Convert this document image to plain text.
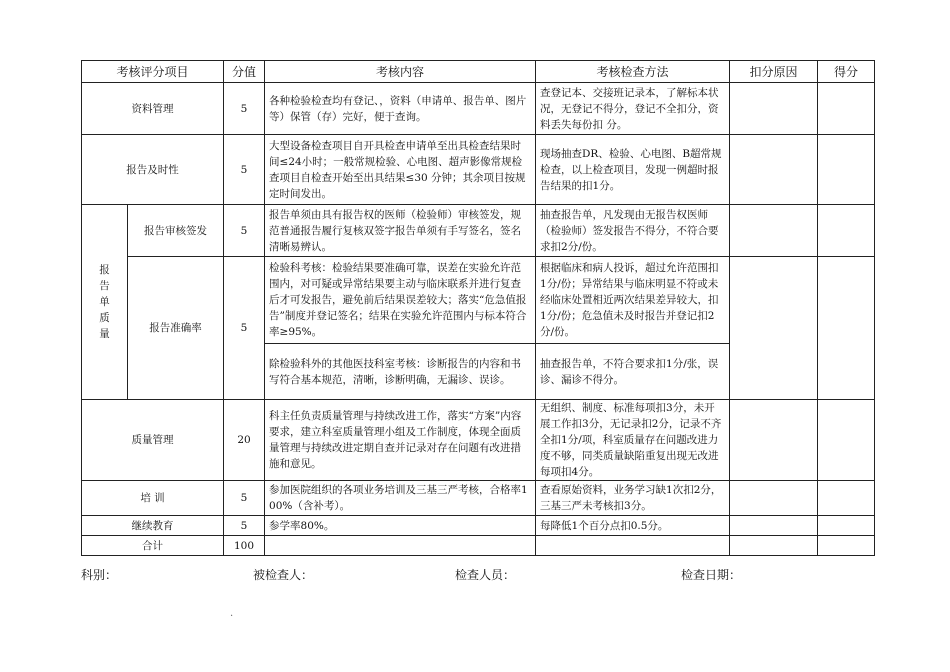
考核评分项目		分值	考核内容	考核检查方法	扣分原因	得分
资料管理		5	各种检验检查均有登记、，资料（申请单、报告单、图片等）保管（存）完好，便于查询。	查登记本、交接班记录本，了解标本状况，无登记不得分，登记不全扣分，资料丢失每份扣 分。		
报告及时性		5	大型设备检查项目自开具检查申请单至出具检查结果时间≤24小时；一般常规检验、心电图、超声影像常规检查项目自检查开始至出具结果≤30 分钟；其余项目按规定时间发出。	现场抽查DR、检验、心电图、B超常规检查，以上检查项目，发现一例超时报告结果的扣1分。		
报告单质量	报告审核签发	5	报告单须由具有报告权的医师（检验师）审核签发，规范普通报告履行复核双签字报告单须有手写签名，签名清晰易辨认。	抽查报告单，凡发现由无报告权医师（检验师）签发报告不得分，不符合要求扣2分/份。		
	报告准确率	5	检验科考核：检验结果要准确可靠，误差在实验允许范围内，对可疑或异常结果要主动与临床联系并进行复查后才可发报告，避免前后结果误差较大；落实“危急值报告”制度并登记签名；结果在实验允许范围内与标本符合率≥95%。	根据临床和病人投诉，超过允许范围扣1分/份；异常结果与临床明显不符或未经临床处置相近两次结果差异较大，扣1分/份；危急值未及时报告并登记扣2分/份。		
			除检验科外的其他医技科室考核：诊断报告的内容和书写符合基本规范，清晰，诊断明确，无漏诊、误诊。	抽查报告单，不符合要求扣1分/张，误诊、漏诊不得分。		
质量管理		20	科主任负责质量管理与持续改进工作，落实“方案”内容要求，建立科室质量管理小组及工作制度，体现全面质量管理与持续改进定期自查并记录对存在问题有改进措施和意见。	无组织、制度、标准每项扣3分，未开展工作扣3分，无记录扣2分，记录不齐全扣1分/项，科室质量存在问题改进力度不够，同类质量缺陷重复出现无改进每项扣4分。		
培 训		5	参加医院组织的各项业务培训及三基三严考核，合格率100%（含补考）。	查看原始资料，业务学习缺1次扣2分，三基三严未考核扣3分。		
继续教育		5	参学率80%。	每降低1个百分点扣0.5分。		
合计		100				
科别：	被检查人：	检查人员：	检查日期：
.
